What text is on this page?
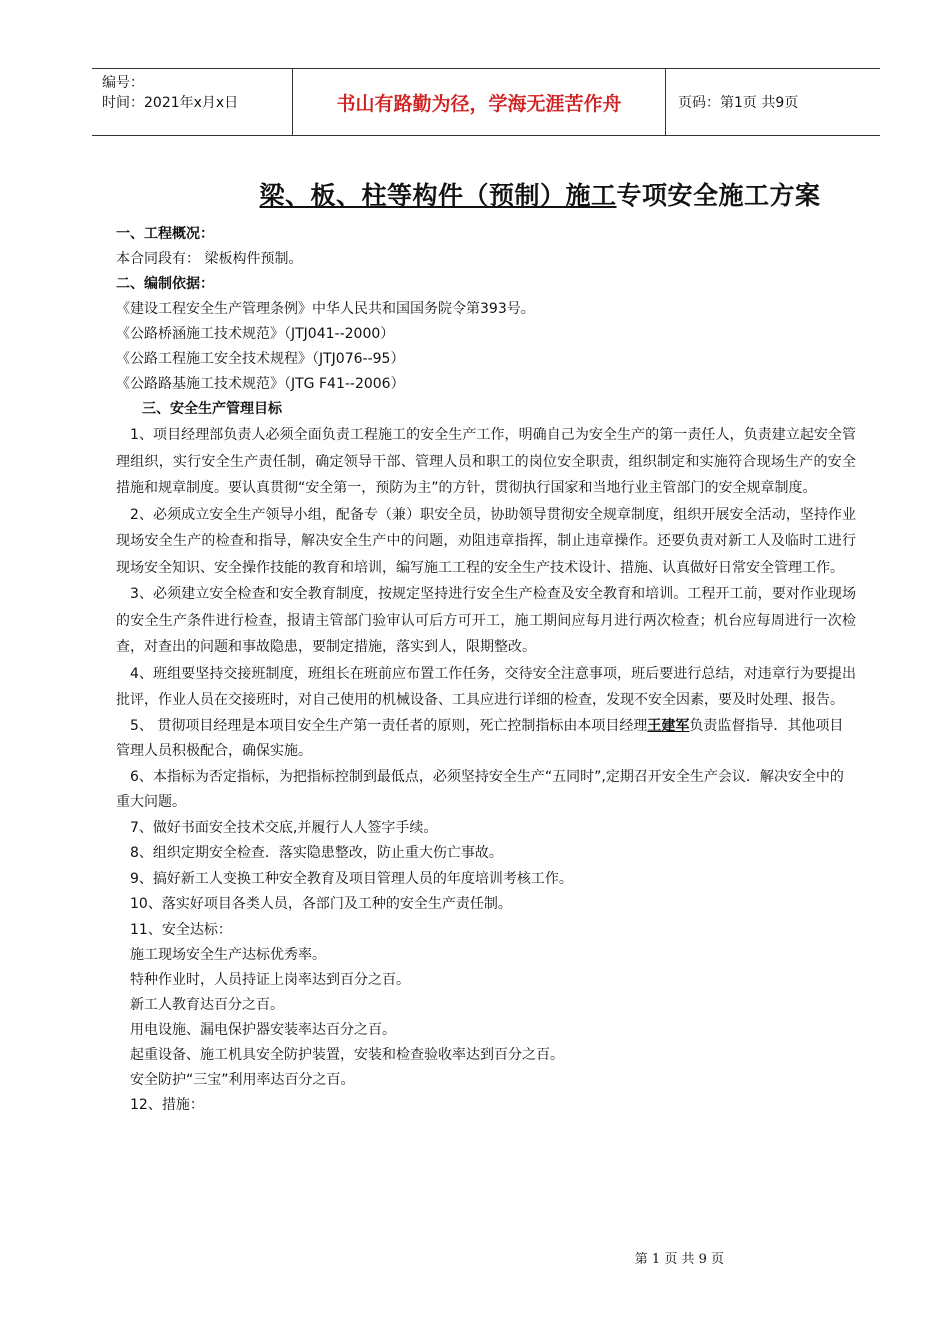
编号：
时间：2021年x月x日	书山有路勤为径，学海无涯苦作舟	页码：第1页 共9页
梁、板、柱等构件（预制）施工专项安全施工方案

一、工程概况：

本合同段有： 梁板构件预制。

二、编制依据：

《建设工程安全生产管理条例》中华人民共和国国务院令第393号。

《公路桥涵施工技术规范》（JTJ041--2000）

《公路工程施工安全技术规程》（JTJ076--95）

《公路路基施工技术规范》（JTG F41--2006）

三、安全生产管理目标

1、项目经理部负责人必须全面负责工程施工的安全生产工作，明确自己为安全生产的第一责任人，负责建立起安全管理组织，实行安全生产责任制，确定领导干部、管理人员和职工的岗位安全职责，组织制定和实施符合现场生产的安全措施和规章制度。要认真贯彻“安全第一，预防为主”的方针，贯彻执行国家和当地行业主管部门的安全规章制度。

2、必须成立安全生产领导小组，配备专（兼）职安全员，协助领导贯彻安全规章制度，组织开展安全活动，坚持作业现场安全生产的检查和指导，解决安全生产中的问题，劝阻违章指挥，制止违章操作。还要负责对新工人及临时工进行现场安全知识、安全操作技能的教育和培训，编写施工工程的安全生产技术设计、措施、认真做好日常安全管理工作。

3、必须建立安全检查和安全教育制度，按规定坚持进行安全生产检查及安全教育和培训。工程开工前，要对作业现场的安全生产条件进行检查，报请主管部门验审认可后方可开工，施工期间应每月进行两次检查；机台应每周进行一次检查，对查出的问题和事故隐患，要制定措施，落实到人，限期整改。

4、班组要坚持交接班制度，班组长在班前应布置工作任务，交待安全注意事项，班后要进行总结，对违章行为要提出批评，作业人员在交接班时，对自己使用的机械设备、工具应进行详细的检查，发现不安全因素，要及时处理、报告。

5、 贯彻项目经理是本项目安全生产第一责任者的原则，死亡控制指标由本项目经理王建军负责监督指导．其他项目管理人员积极配合，确保实施。

6、本指标为否定指标，为把指标控制到最低点，必须坚持安全生产“五同时”,定期召开安全生产会议．解决安全中的重大问题。

7、做好书面安全技术交底,并履行人人签字手续。

8、组织定期安全检查．落实隐患整改，防止重大伤亡事故。

9、搞好新工人变换工种安全教育及项目管理人员的年度培训考核工作。

10、落实好项目各类人员，各部门及工种的安全生产责任制。

11、安全达标：

施工现场安全生产达标优秀率。

特种作业时，人员持证上岗率达到百分之百。

新工人教育达百分之百。

用电设施、漏电保护器安装率达百分之百。

起重设备、施工机具安全防护装置，安装和检查验收率达到百分之百。

安全防护“三宝”利用率达百分之百。

12、措施：

第 1 页 共 9 页
